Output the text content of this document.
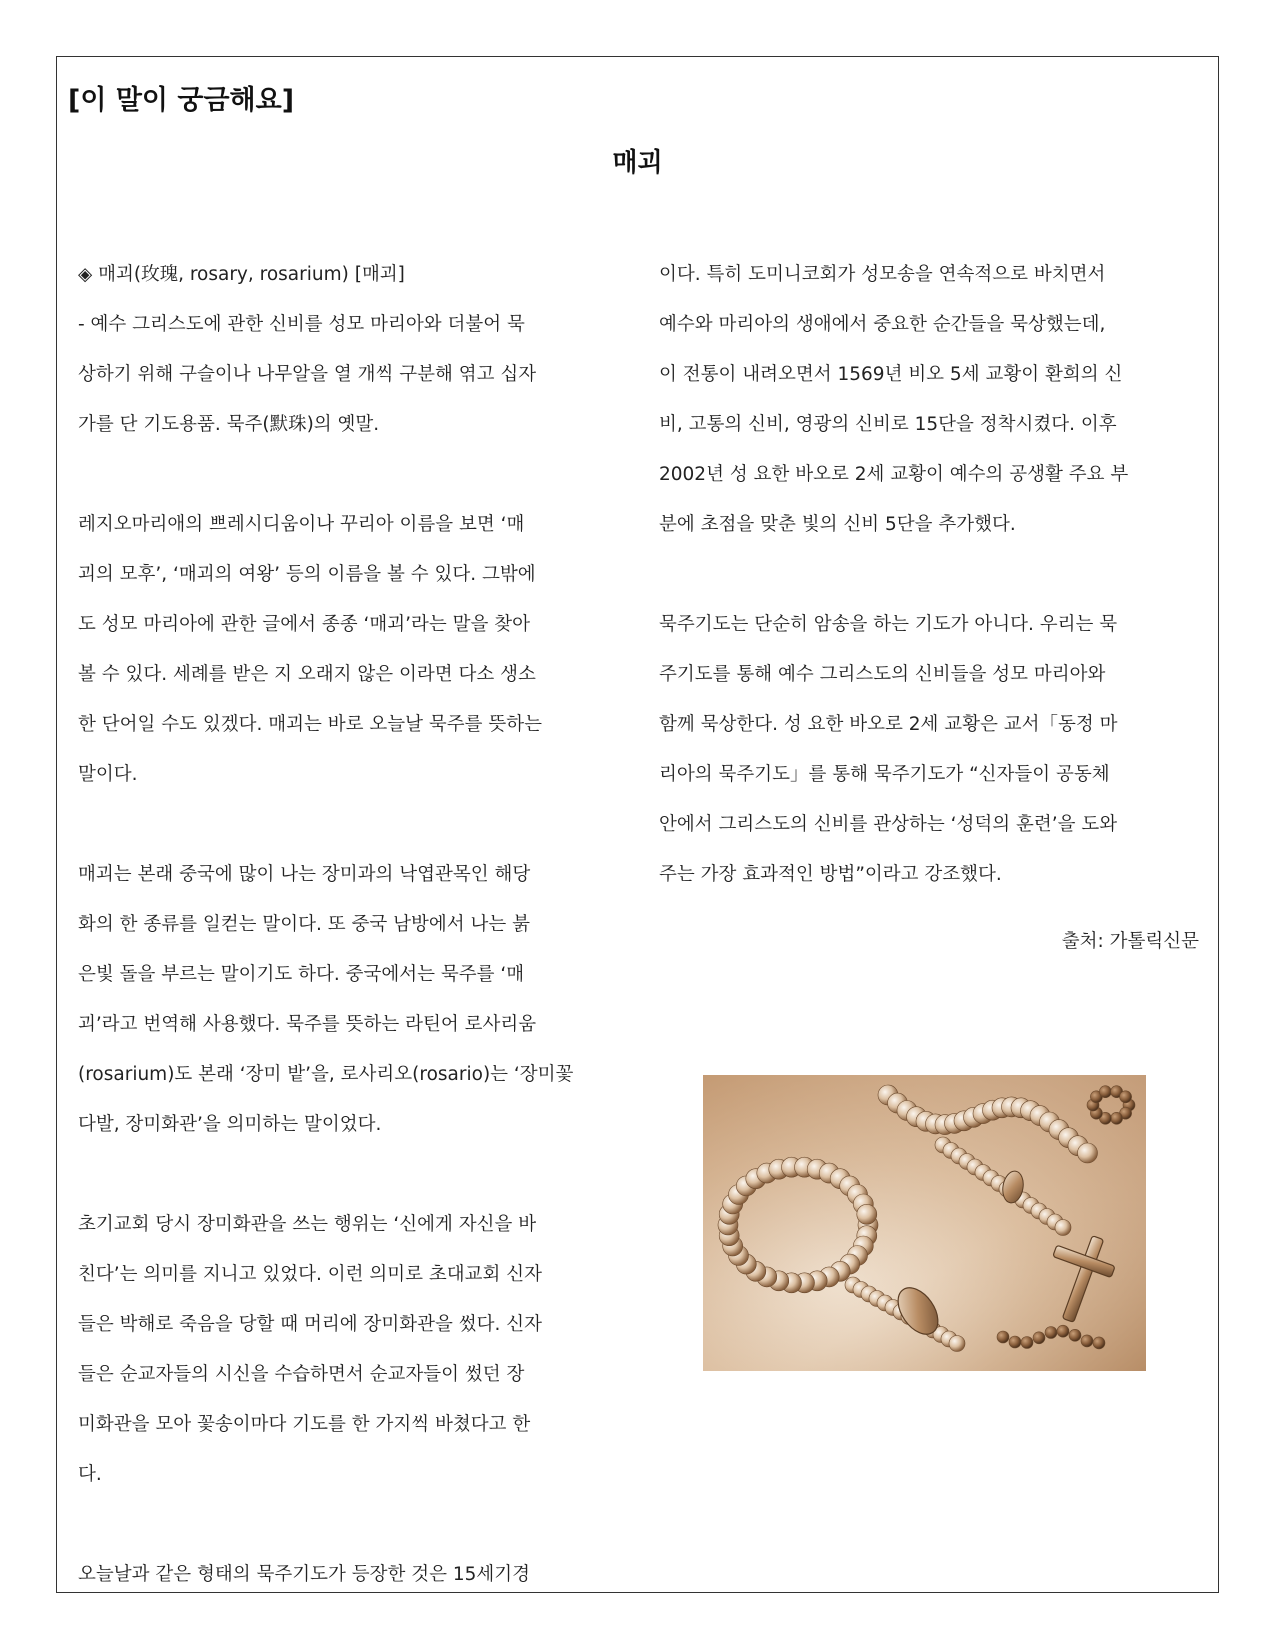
[이 말이 궁금해요]
매괴
◈ 매괴(玫瑰, rosary, rosarium) [매괴]
- 예수 그리스도에 관한 신비를 성모 마리아와 더불어 묵
상하기 위해 구슬이나 나무알을 열 개씩 구분해 엮고 십자
가를 단 기도용품. 묵주(默珠)의 옛말.
레지오마리애의 쁘레시디움이나 꾸리아 이름을 보면 ‘매
괴의 모후’, ‘매괴의 여왕’ 등의 이름을 볼 수 있다. 그밖에
도 성모 마리아에 관한 글에서 종종 ‘매괴’라는 말을 찾아
볼 수 있다. 세례를 받은 지 오래지 않은 이라면 다소 생소
한 단어일 수도 있겠다. 매괴는 바로 오늘날 묵주를 뜻하는
말이다.
매괴는 본래 중국에 많이 나는 장미과의 낙엽관목인 해당
화의 한 종류를 일컫는 말이다. 또 중국 남방에서 나는 붉
은빛 돌을 부르는 말이기도 하다. 중국에서는 묵주를 ‘매
괴’라고 번역해 사용했다. 묵주를 뜻하는 라틴어 로사리움
(rosarium)도 본래 ‘장미 밭’을, 로사리오(rosario)는 ‘장미꽃
다발, 장미화관’을 의미하는 말이었다.
초기교회 당시 장미화관을 쓰는 행위는 ‘신에게 자신을 바
친다’는 의미를 지니고 있었다. 이런 의미로 초대교회 신자
들은 박해로 죽음을 당할 때 머리에 장미화관을 썼다. 신자
들은 순교자들의 시신을 수습하면서 순교자들이 썼던 장
미화관을 모아 꽃송이마다 기도를 한 가지씩 바쳤다고 한
다.
오늘날과 같은 형태의 묵주기도가 등장한 것은 15세기경
이다. 특히 도미니코회가 성모송을 연속적으로 바치면서
예수와 마리아의 생애에서 중요한 순간들을 묵상했는데,
이 전통이 내려오면서 1569년 비오 5세 교황이 환희의 신
비, 고통의 신비, 영광의 신비로 15단을 정착시켰다. 이후
2002년 성 요한 바오로 2세 교황이 예수의 공생활 주요 부
분에 초점을 맞춘 빛의 신비 5단을 추가했다.
묵주기도는 단순히 암송을 하는 기도가 아니다. 우리는 묵
주기도를 통해 예수 그리스도의 신비들을 성모 마리아와
함께 묵상한다. 성 요한 바오로 2세 교황은 교서「동정 마
리아의 묵주기도」를 통해 묵주기도가 “신자들이 공동체
안에서 그리스도의 신비를 관상하는 ‘성덕의 훈련’을 도와
주는 가장 효과적인 방법”이라고 강조했다.
출처: 가톨릭신문
